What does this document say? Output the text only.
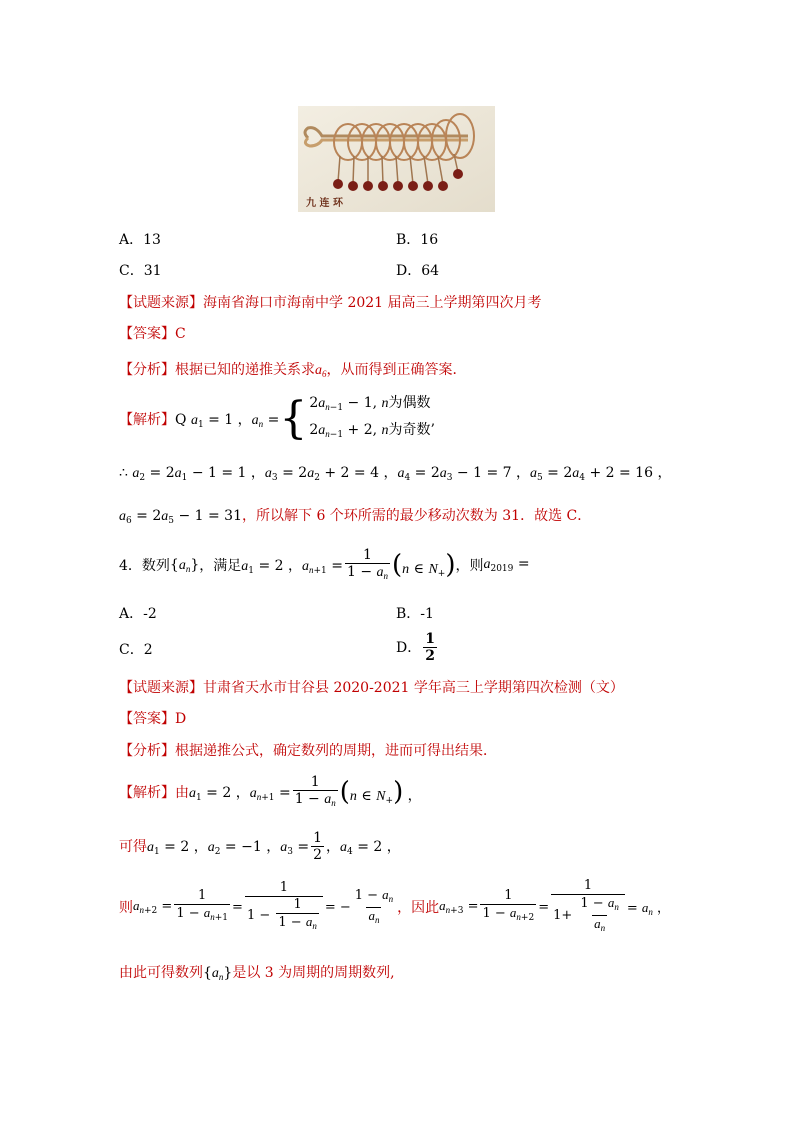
九 连 环
A．13	B．16
C．31	D．64
【试题来源】海南省海口市海南中学 2021 届高三上学期第四次月考
【答案】C
【分析】根据已知的递推关系求$a_6$，从而得到正确答案．
【解析】 Q $a_1 = 1$ ，$a_n$ = { $2a_{n-1} - 1$, n为偶数
$2a_{n-1} + 2$, n为奇数’
∴ $a_2 = 2a_1 - 1 = 1$ ，$a_3 = 2a_2 + 2 = 4$ ，$a_4 = 2a_3 - 1 = 7$ ，$a_5 = 2a_4 + 2 = 16$ ，
$a_6 = 2a_5 - 1 = 31$，所以解下 6 个环所需的最少移动次数为 31．故选 C．
4．数列 $\{a_n\}$ ，满足 $a_1 = 2$ ，$a_{n+1} = \frac{1}{1 - a_n} (n$ ∈ $N_+$) ，则 $a_{2019}$ =
A．-2	B．-1
C．2	D． $\frac{1}{2}$
【试题来源】甘肃省天水市甘谷县 2020-2021 学年高三上学期第四次检测（文）
【答案】D
【分析】根据递推公式，确定数列的周期，进而可得出结果．
【解析】 由 $a_1 = 2$ ，$a_{n+1} = \frac{1}{1 - a_n} (n$ ∈ $N_+$) ，
可得 $a_1 = 2$ ，$a_2 = -1$ ，$a_3 = \frac{1}{2}$ ，$a_4 = 2$ ，
则 $a_{n+2} = \frac{1}{1 - a_{n+1}} = \frac{1}{1 - \frac{1}{1 - a_n}}$ = − $\frac{1 - a_n}{a_n}$ ，因此 $a_{n+3} = \frac{1}{1 - a_{n+2}} = \frac{1}{1+ \frac{1 - a_n}{a_n}} = a_n$ ，
由此可得数列$\{a_n\}$是以 3 为周期的周期数列,
